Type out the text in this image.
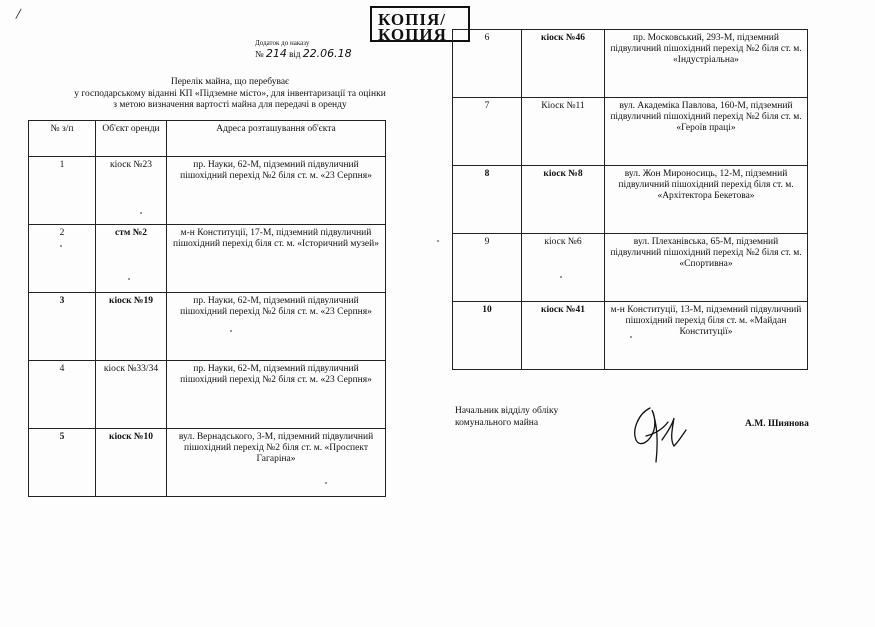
/	КОПІЯ/
КОПИЯ
Додаток до наказу
№ 214 від 22.06.18
Перелік майна, що перебуває
у господарському віданні КП «Підземне місто», для інвентаризації та оцінки
з метою визначення вартості майна для передачі в оренду
№ з/п	Об'єкт оренди	Адреса розташування об'єкта
1	кіоск №23	пр. Науки, 62-М, підземний підвуличний пішохідний перехід №2 біля ст. м. «23 Серпня»
2	стм №2	м-н Конституції, 17-М, підземний підвуличний пішохідний перехід біля ст. м. «Історичний музей»
3	кіоск №19	пр. Науки, 62-М, підземний підвуличний пішохідний перехід №2 біля ст. м. «23 Серпня»
4	кіоск №33/34	пр. Науки, 62-М, підземний підвуличний пішохідний перехід №2 біля ст. м. «23 Серпня»
5	кіоск №10	вул. Вернадського, 3-М, підземний підвуличний пішохідний перехід №2 біля ст. м. «Проспект Гагаріна»
6	кіоск №46	пр. Московський, 293-М, підземний підвуличний пішохідний перехід №2 біля ст. м. «Індустріальна»
7	Кіоск №11	вул. Академіка Павлова, 160-М, підземний підвуличний пішохідний перехід №2 біля ст. м. «Героїв праці»
8	кіоск №8	вул. Жон Мироносиць, 12-М, підземний підвуличний пішохідний перехід біля ст. м. «Архітектора Бекетова»
9	кіоск №6	вул. Плеханівська, 65-М, підземний підвуличний пішохідний перехід №2 біля ст. м. «Спортивна»
10	кіоск №41	м-н Конституції, 13-М, підземний підвуличний пішохідний перехід біля ст. м. «Майдан Конституції»
Начальник відділу обліку
комунального майна	А.М. Шиянова
